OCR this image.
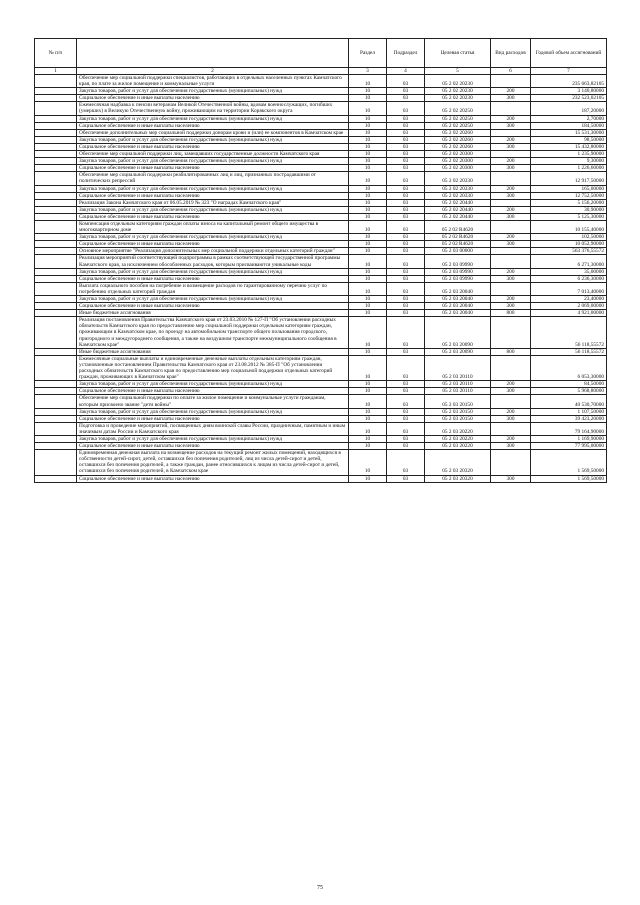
№ п/п		Раздел	Подраздел	Целевая статья	Вид расходов	Годовой объем ассигнований
1	2	3	4	5	6	7
	Обеспечение мер социальной поддержки специалистов, работающих в отдельных населенных пунктах Камчатского края, по плате за жилое помещение и коммунальные услуги	10	03	05 2 02 20230		235 663,82105
	Закупка товаров, работ и услуг для обеспечения государственных (муниципальных) нужд	10	03	05 2 02 20230	200	3 140,80000
	Социальное обеспечение и иные выплаты населению	10	03	05 2 02 20230	300	232 523,02105
	Ежемесячная надбавка к пенсии ветеранам Великой Отечественной войны, вдовам военнослужащих, погибших (умерших) в Великую Отечественную войну, проживающим на территории Корякского округа	10	03	05 2 02 20250		187,20000
	Закупка товаров, работ и услуг для обеспечения государственных (муниципальных) нужд	10	03	05 2 02 20250	200	2,70000
	Социальное обеспечение и иные выплаты населению	10	03	05 2 02 20250	300	184,50000
	Обеспечение дополнительных мер социальной поддержки донорам крови и (или) ее компонентов в Камчатском крае	10	03	05 2 02 20260		15 531,30000
	Закупка товаров, работ и услуг для обеспечения государственных (муниципальных) нужд	10	03	05 2 02 20260	200	98,50000
	Социальное обеспечение и иные выплаты населению	10	03	05 2 02 20260	300	15 432,80000
	Обеспечение мер социальной поддержки лиц, замещавших государственные должности Камчатского края	10	03	05 2 02 20300		1 235,90000
	Закупка товаров, работ и услуг для обеспечения государственных (муниципальных) нужд	10	03	05 2 02 20300	200	9,30000
	Социальное обеспечение и иные выплаты населению	10	03	05 2 02 20300	300	1 226,60000
	Обеспечение мер социальной поддержки реабилитированных лиц и лиц, признанных пострадавшими от политических репрессий	10	03	05 2 02 20330		12 917,50000
	Закупка товаров, работ и услуг для обеспечения государственных (муниципальных) нужд	10	03	05 2 02 20330	200	165,00000
	Социальное обеспечение и иные выплаты населению	10	03	05 2 02 20330	300	12 752,50000
	Реализация Закона Камчатского края от 06.05.2019 № 323 "О наградах Камчатского края"	10	03	05 2 02 20440		5 156,20000
	Закупка товаров, работ и услуг для обеспечения государственных (муниципальных) нужд	10	03	05 2 02 20440	200	30,90000
	Социальное обеспечение и иные выплаты населению	10	03	05 2 02 20440	300	5 125,30000
	Компенсация отдельным категориям граждан оплаты взноса на капитальный ремонт общего имущества в многоквартирном доме	10	03	05 2 02 R4620		10 155,40000
	Закупка товаров, работ и услуг для обеспечения государственных (муниципальных) нужд	10	03	05 2 02 R4620	200	102,50000
	Социальное обеспечение и иные выплаты населению	10	03	05 2 02 R4620	300	10 052,90000
	Основное мероприятие "Реализация дополнительных мер социальной поддержки отдельных категорий граждан"	10	03	05 2 03 00000		563 376,55572
	Реализация мероприятий соответствующей подпрограммы в рамках соответствующей государственной программы Камчатского края, за исключением обособленных расходов, которым присваиваются уникальные коды	10	03	05 2 03 09990		6 271,30000
	Закупка товаров, работ и услуг для обеспечения государственных (муниципальных) нужд	10	03	05 2 03 09990	200	35,00000
	Социальное обеспечение и иные выплаты населению	10	03	05 2 03 09990	300	6 236,30000
	Выплата социального пособия на погребение и возмещение расходов по гарантированному перечню услуг по погребению отдельных категорий граждан	10	03	05 2 03 20040		7 013,40000
	Закупка товаров, работ и услуг для обеспечения государственных (муниципальных) нужд	10	03	05 2 03 20040	200	23,40000
	Социальное обеспечение и иные выплаты населению	10	03	05 2 03 20040	300	2 069,00000
	Иные бюджетные ассигнования	10	03	05 2 03 20040	800	4 921,00000
	Реализация постановления Правительства Камчатского края от 23.03.2010 № 127-П "Об установлении расходных обязательств Камчатского края по предоставлению мер социальной поддержки отдельным категориям граждан, проживающим в Камчатском крае, по проезду на автомобильном транспорте общего пользования городского, пригородного и междугороднего сообщения, а также на воздушном транспорте межмуниципального сообщения в Камчатском крае"	10	03	05 2 03 20090		56 118,55572
	Иные бюджетные ассигнования	10	03	05 2 03 20090	800	56 118,55572
	Ежемесячные социальные выплаты и единовременные денежные выплаты отдельным категориям граждан, установленные постановлением Правительства Камчатского края от 23.08.2012 № 385-П "Об установлении расходных обязательств Камчатского края по предоставлению мер социальной поддержки отдельных категорий граждан, проживающих в Камчатском крае"	10	03	05 2 03 20110		6 053,30000
	Закупка товаров, работ и услуг для обеспечения государственных (муниципальных) нужд	10	03	05 2 03 20110	200	84,50000
	Социальное обеспечение и иные выплаты населению	10	03	05 2 03 20110	300	5 968,80000
	Обеспечение мер социальной поддержки по оплате за жилое помещение и коммунальные услуги гражданам, которым присвоено звание "дети войны"	10	03	05 2 03 20150		40 530,70000
	Закупка товаров, работ и услуг для обеспечения государственных (муниципальных) нужд	10	03	05 2 03 20150	200	1 107,50000
	Социальное обеспечение и иные выплаты населению	10	03	05 2 03 20150	300	39 423,20000
	Подготовка и проведение мероприятий, посвященных дням воинской славы России, праздничным, памятным и иным значимым датам России и Камчатского края	10	03	05 2 03 20220		79 164,90000
	Закупка товаров, работ и услуг для обеспечения государственных (муниципальных) нужд	10	03	05 2 03 20220	200	1 169,90000
	Социальное обеспечение и иные выплаты населению	10	03	05 2 03 20220	300	77 995,00000
	Единовременная денежная выплата на возмещение расходов на текущий ремонт жилых помещений, находящихся в собственности детей-сирот, детей, оставшихся без попечения родителей, лиц из числа детей-сирот и детей, оставшихся без попечения родителей, а также граждан, ранее относившихся к лицам из числа детей-сирот и детей, оставшихся без попечения родителей, в Камчатском крае	10	03	05 2 03 20320		1 569,50000
	Социальное обеспечение и иные выплаты населению	10	03	05 2 03 20320	300	1 569,50000
75
